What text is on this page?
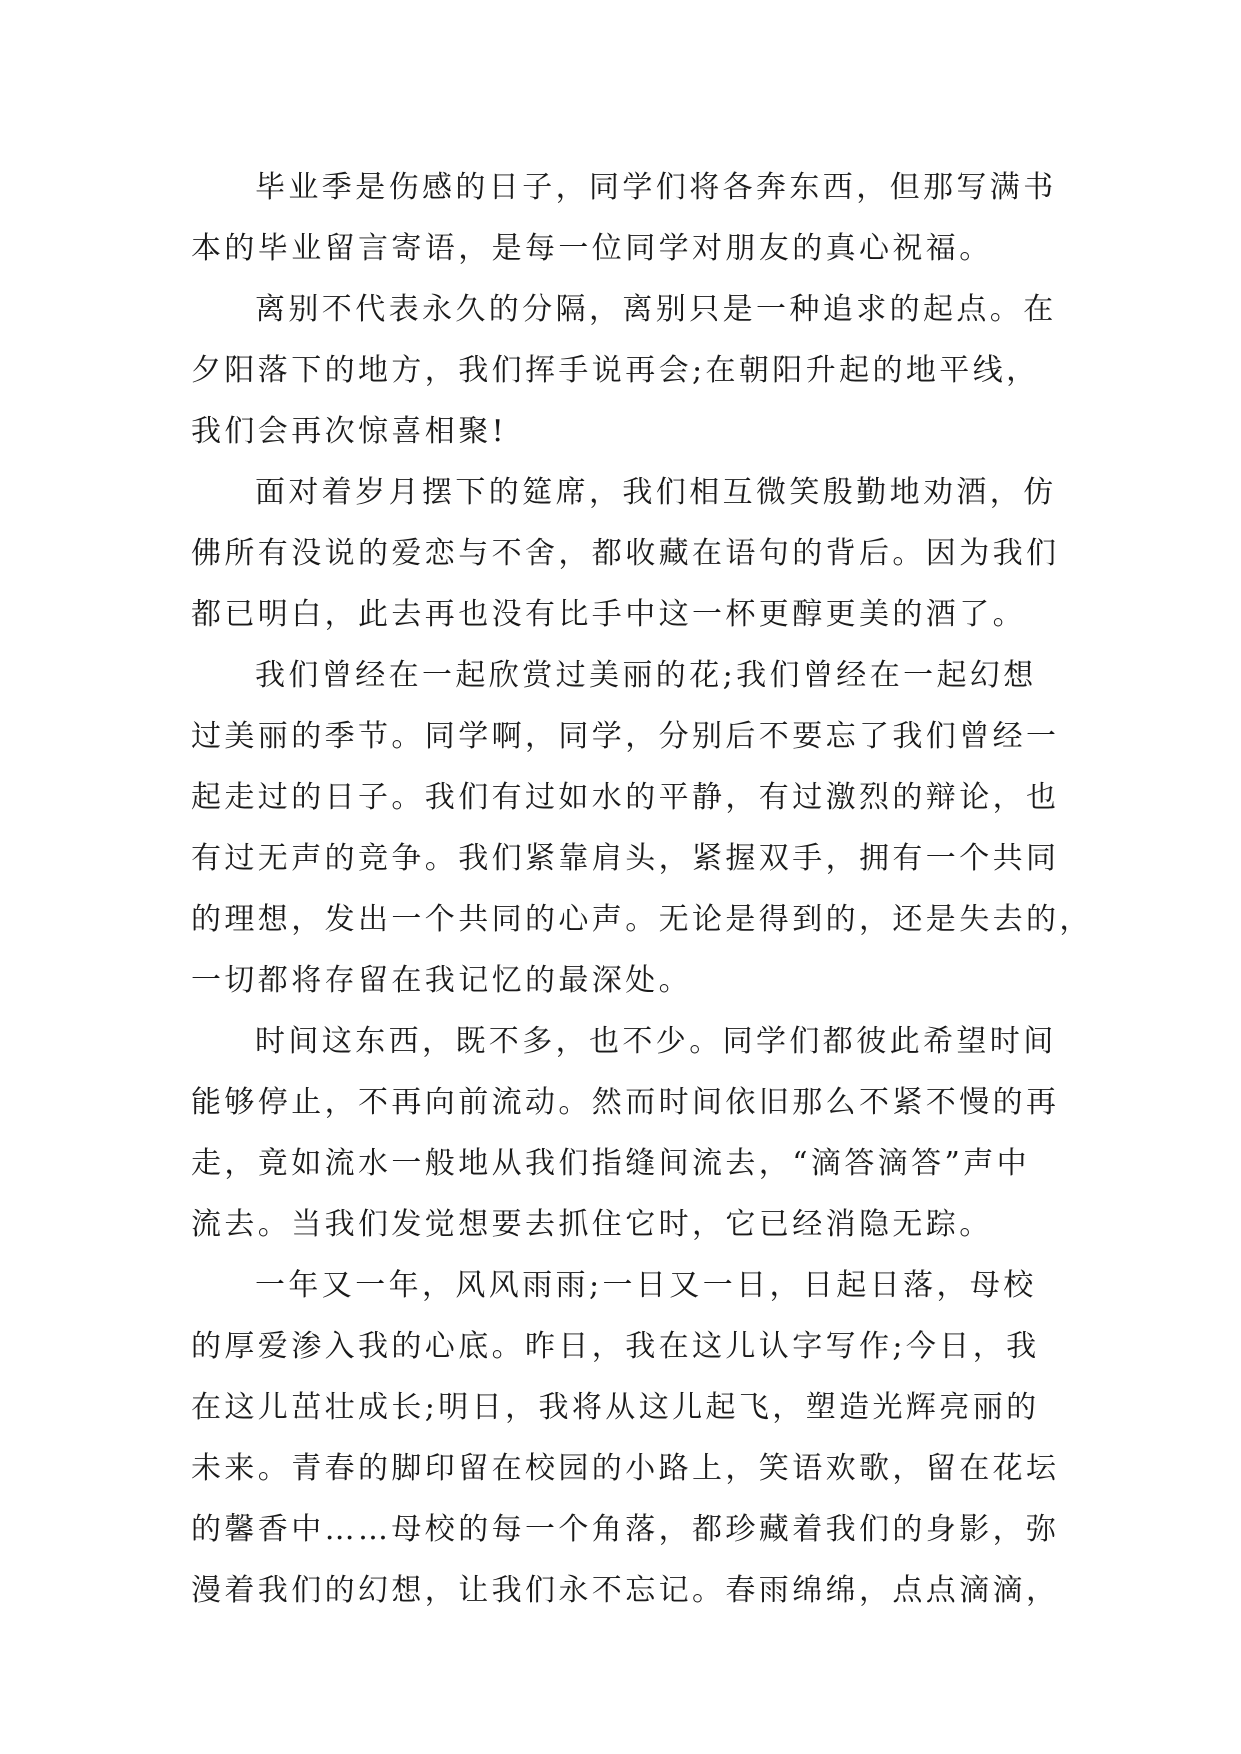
毕业季是伤感的日子，同学们将各奔东西，但那写满书
本的毕业留言寄语，是每一位同学对朋友的真心祝福。
离别不代表永久的分隔，离别只是一种追求的起点。在
夕阳落下的地方，我们挥手说再会;在朝阳升起的地平线，
我们会再次惊喜相聚!
面对着岁月摆下的筵席，我们相互微笑殷勤地劝酒，仿
佛所有没说的爱恋与不舍，都收藏在语句的背后。因为我们
都已明白，此去再也没有比手中这一杯更醇更美的酒了。
我们曾经在一起欣赏过美丽的花;我们曾经在一起幻想
过美丽的季节。同学啊，同学，分别后不要忘了我们曾经一
起走过的日子。我们有过如水的平静，有过激烈的辩论，也
有过无声的竞争。我们紧靠肩头，紧握双手，拥有一个共同
的理想，发出一个共同的心声。无论是得到的，还是失去的，
一切都将存留在我记忆的最深处。
时间这东西，既不多，也不少。同学们都彼此希望时间
能够停止，不再向前流动。然而时间依旧那么不紧不慢的再
走，竟如流水一般地从我们指缝间流去，“滴答滴答”声中
流去。当我们发觉想要去抓住它时，它已经消隐无踪。
一年又一年，风风雨雨;一日又一日，日起日落，母校
的厚爱渗入我的心底。昨日，我在这儿认字写作;今日，我
在这儿茁壮成长;明日，我将从这儿起飞，塑造光辉亮丽的
未来。青春的脚印留在校园的小路上，笑语欢歌，留在花坛
的馨香中……母校的每一个角落，都珍藏着我们的身影，弥
漫着我们的幻想，让我们永不忘记。春雨绵绵，点点滴滴，
